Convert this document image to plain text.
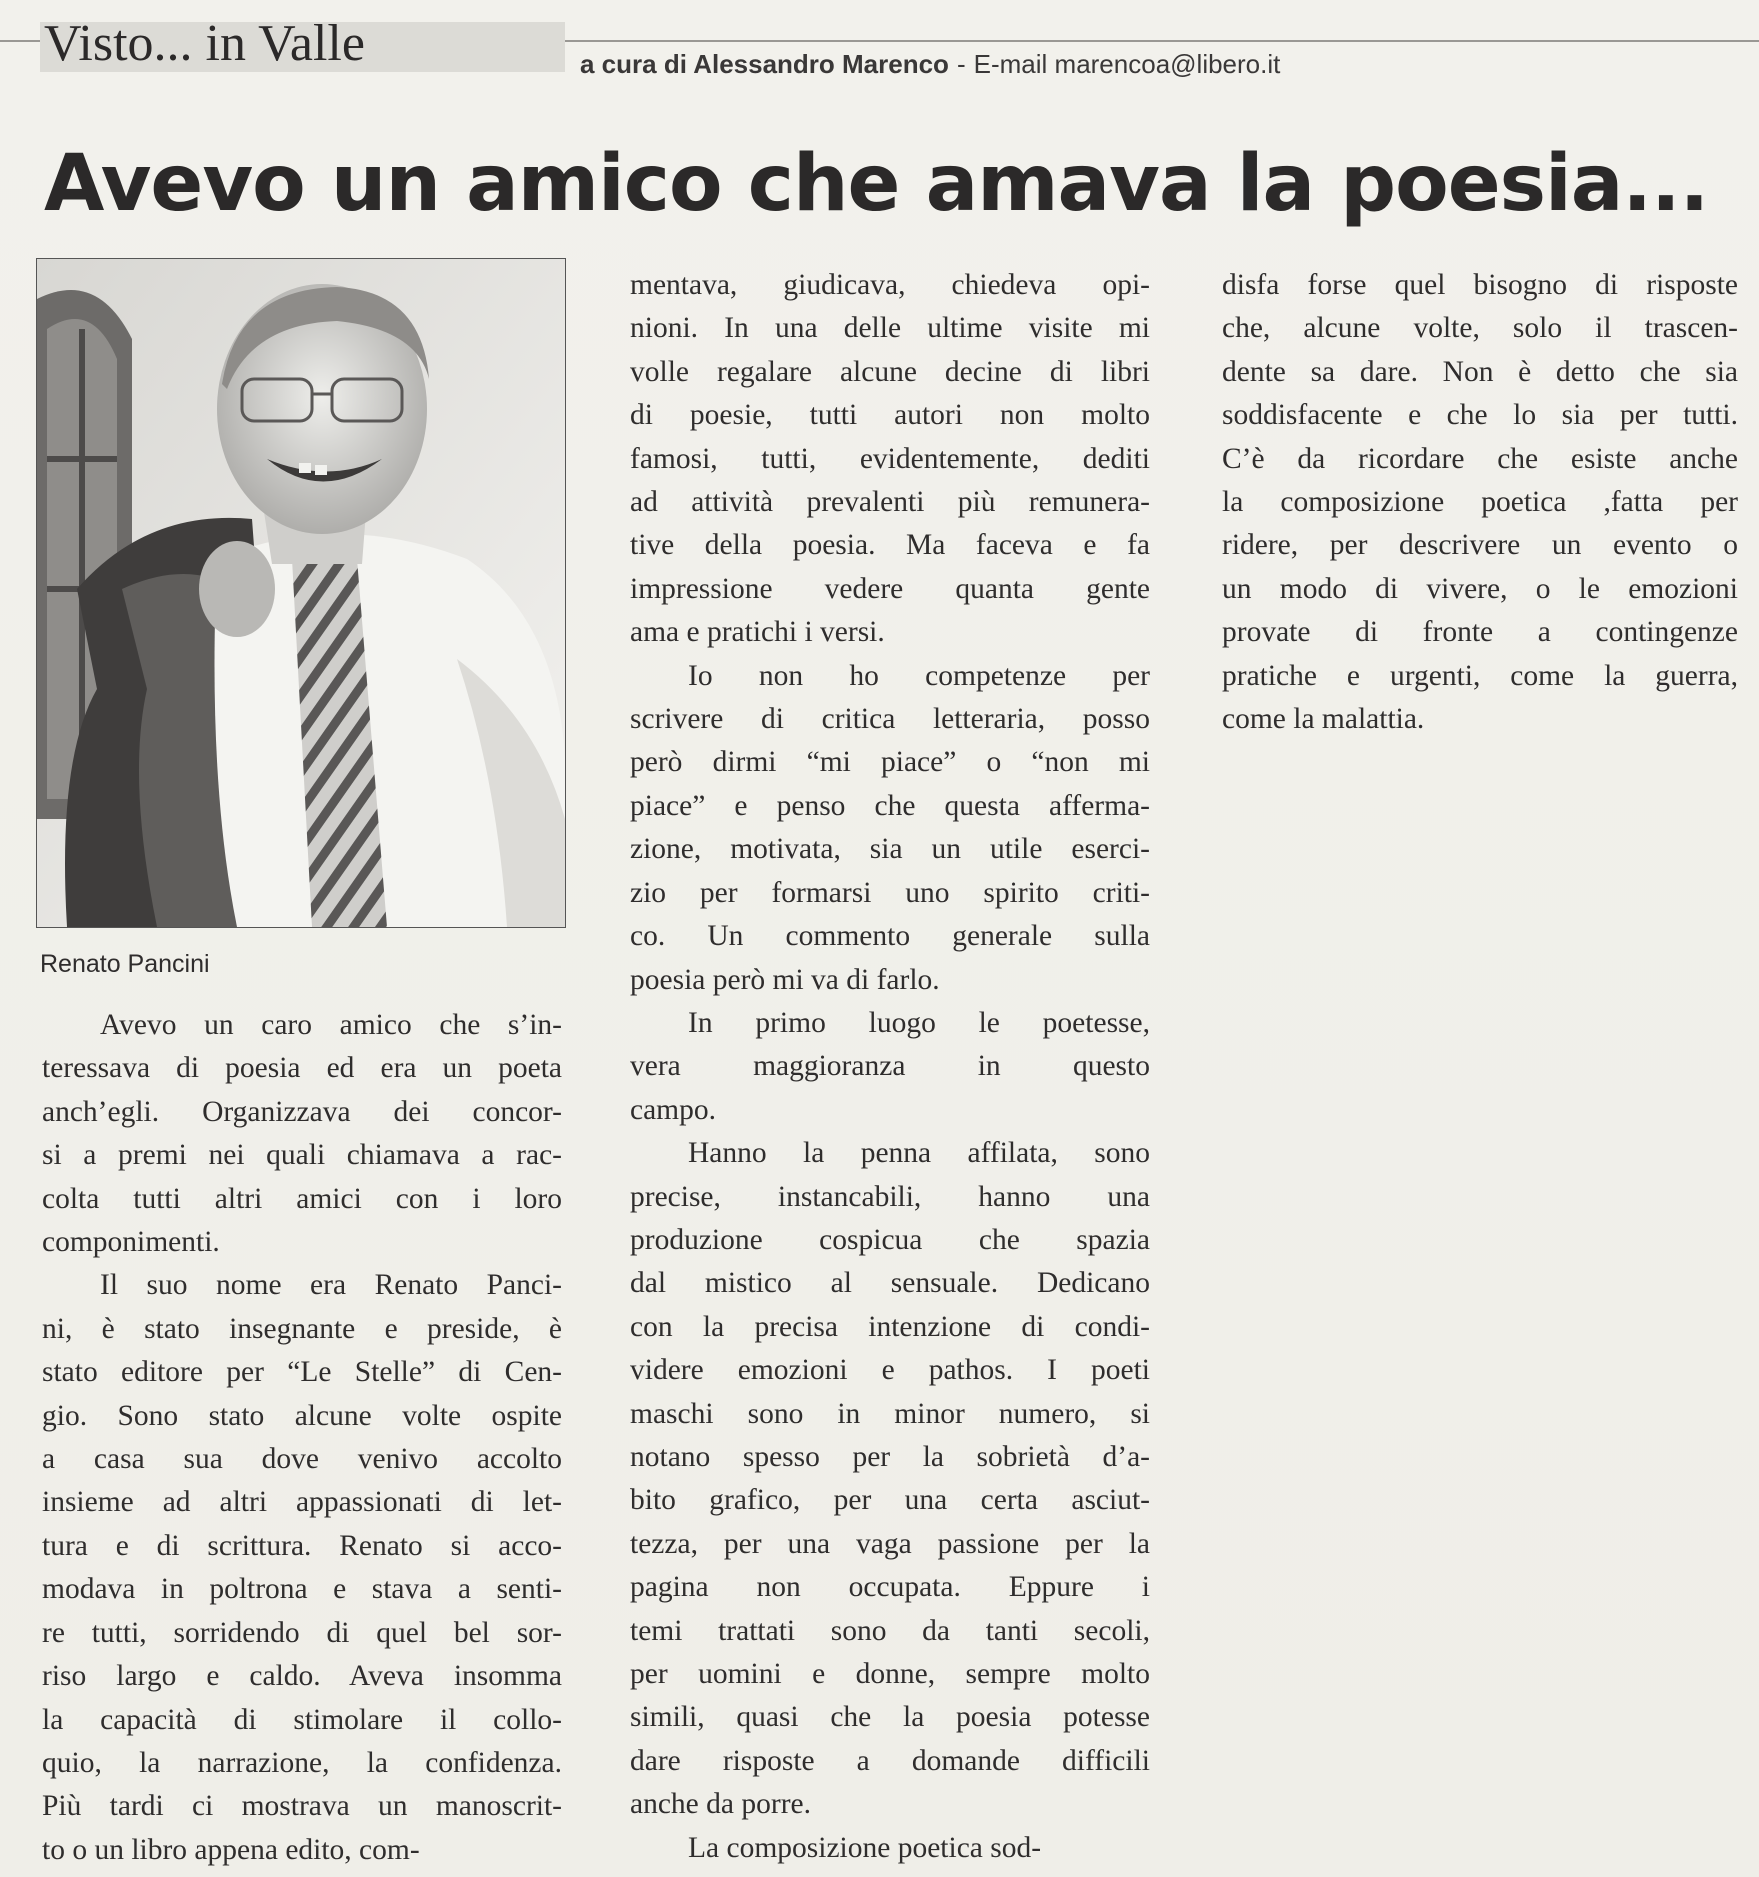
Visto... in Valle	a cura di Alessandro Marenco - E-mail marencoa@libero.it
Avevo un amico che amava la poesia...
Renato Pancini

Avevo un caro amico che s’in-
teressava di poesia ed era un poeta
anch’egli. Organizzava dei concor-
si a premi nei quali chiamava a rac-
colta tutti altri amici con i loro
componimenti.

Il suo nome era Renato Panci-
ni, è stato insegnante e preside, è
stato editore per “Le Stelle” di Cen-
gio. Sono stato alcune volte ospite
a casa sua dove venivo accolto
insieme ad altri appassionati di let-
tura e di scrittura. Renato si acco-
modava in poltrona e stava a senti-
re tutti, sorridendo di quel bel sor-
riso largo e caldo. Aveva insomma
la capacità di stimolare il collo-
quio, la narrazione, la confidenza.
Più tardi ci mostrava un manoscrit-
to o un libro appena edito, com-

mentava, giudicava, chiedeva opi-
nioni. In una delle ultime visite mi
volle regalare alcune decine di libri
di poesie, tutti autori non molto
famosi, tutti, evidentemente, dediti
ad attività prevalenti più remunera-
tive della poesia. Ma faceva e fa
impressione vedere quanta gente
ama e pratichi i versi.

Io non ho competenze per
scrivere di critica letteraria, posso
però dirmi “mi piace” o “non mi
piace” e penso che questa afferma-
zione, motivata, sia un utile eserci-
zio per formarsi uno spirito criti-
co. Un commento generale sulla
poesia però mi va di farlo.

In primo luogo le poetesse,
vera maggioranza in questo
campo.

Hanno la penna affilata, sono
precise, instancabili, hanno una
produzione cospicua che spazia
dal mistico al sensuale. Dedicano
con la precisa intenzione di condi-
videre emozioni e pathos. I poeti
maschi sono in minor numero, si
notano spesso per la sobrietà d’a-
bito grafico, per una certa asciut-
tezza, per una vaga passione per la
pagina non occupata. Eppure i
temi trattati sono da tanti secoli,
per uomini e donne, sempre molto
simili, quasi che la poesia potesse
dare risposte a domande difficili
anche da porre.

La composizione poetica sod-

disfa forse quel bisogno di risposte
che, alcune volte, solo il trascen-
dente sa dare. Non è detto che sia
soddisfacente e che lo sia per tutti.
C’è da ricordare che esiste anche
la composizione poetica ,fatta per
ridere, per descrivere un evento o
un modo di vivere, o le emozioni
provate di fronte a contingenze
pratiche e urgenti, come la guerra,
come la malattia.
